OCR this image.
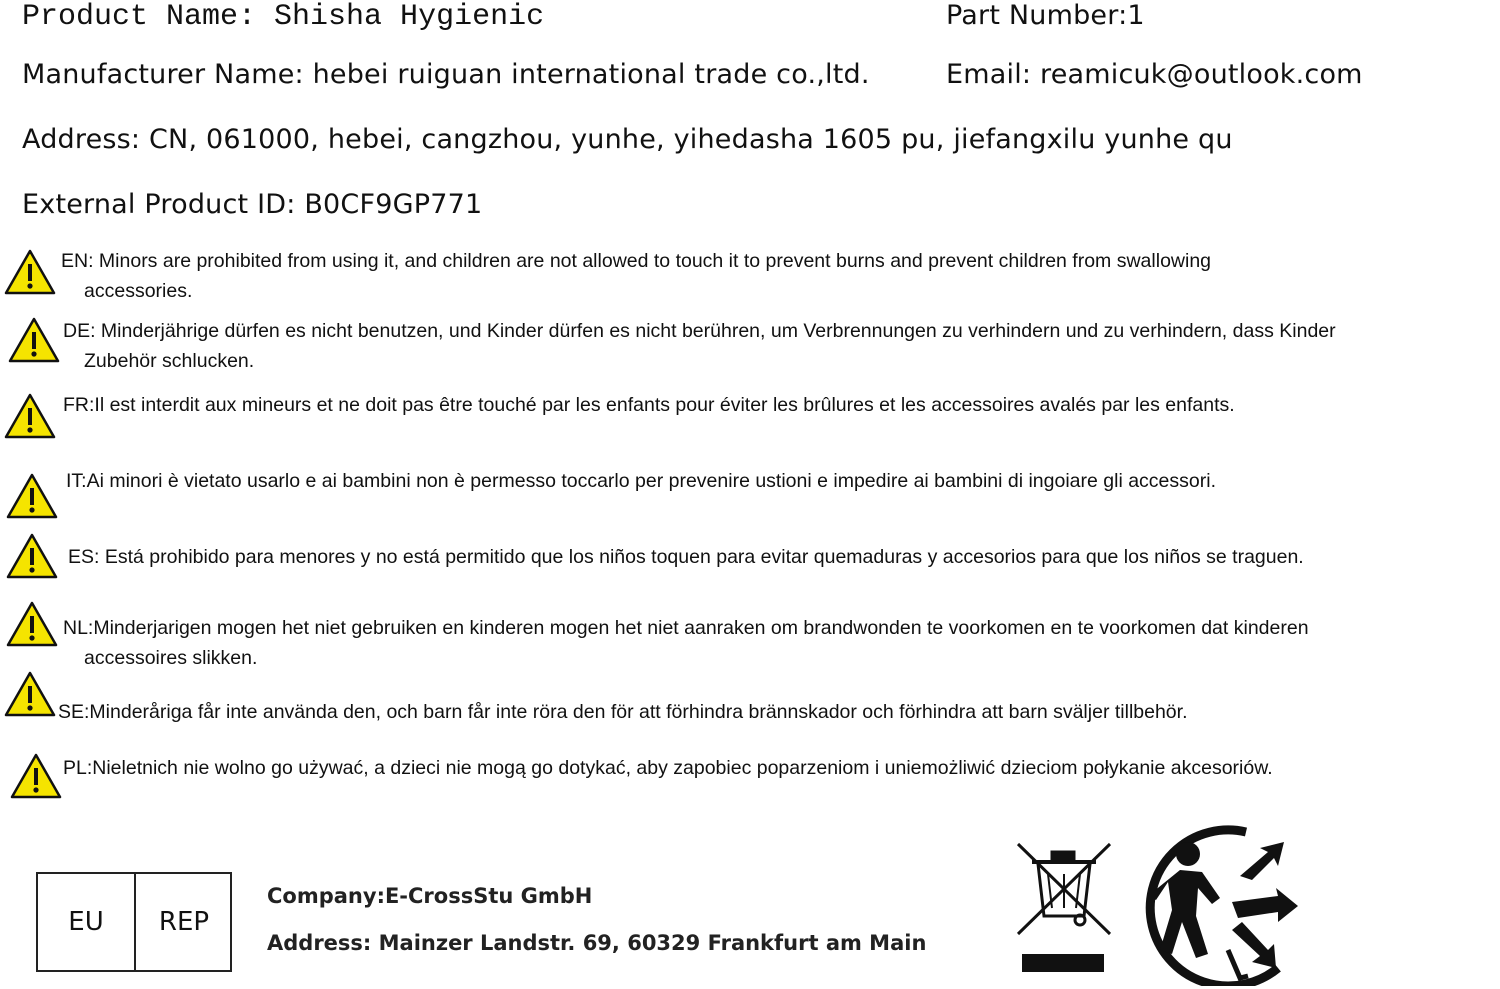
Product Name: Shisha Hygienic	Part Number:1
Manufacturer Name: hebei ruiguan international trade co.,ltd.	Email: reamicuk@outlook.com
Address: CN, 061000, hebei, cangzhou, yunhe, yihedasha 1605 pu, jiefangxilu yunhe qu
External Product ID: B0CF9GP771
EN: Minors are prohibited from using it, and children are not allowed to touch it to prevent burns and prevent children from swallowing
accessories.
DE: Minderjährige dürfen es nicht benutzen, und Kinder dürfen es nicht berühren, um Verbrennungen zu verhindern und zu verhindern, dass Kinder
Zubehör schlucken.
FR:Il est interdit aux mineurs et ne doit pas être touché par les enfants pour éviter les brûlures et les accessoires avalés par les enfants.
IT:Ai minori è vietato usarlo e ai bambini non è permesso toccarlo per prevenire ustioni e impedire ai bambini di ingoiare gli accessori.
ES: Está prohibido para menores y no está permitido que los niños toquen para evitar quemaduras y accesorios para que los niños se traguen.
NL:Minderjarigen mogen het niet gebruiken en kinderen mogen het niet aanraken om brandwonden te voorkomen en te voorkomen dat kinderen
accessoires slikken.
SE:Minderåriga får inte använda den, och barn får inte röra den för att förhindra brännskador och förhindra att barn sväljer tillbehör.
PL:Nieletnich nie wolno go używać, a dzieci nie mogą go dotykać, aby zapobiec poparzeniom i uniemożliwić dzieciom połykanie akcesoriów.
EU	REP
Company:E-CrossStu GmbH
Address: Mainzer Landstr. 69, 60329 Frankfurt am Main
